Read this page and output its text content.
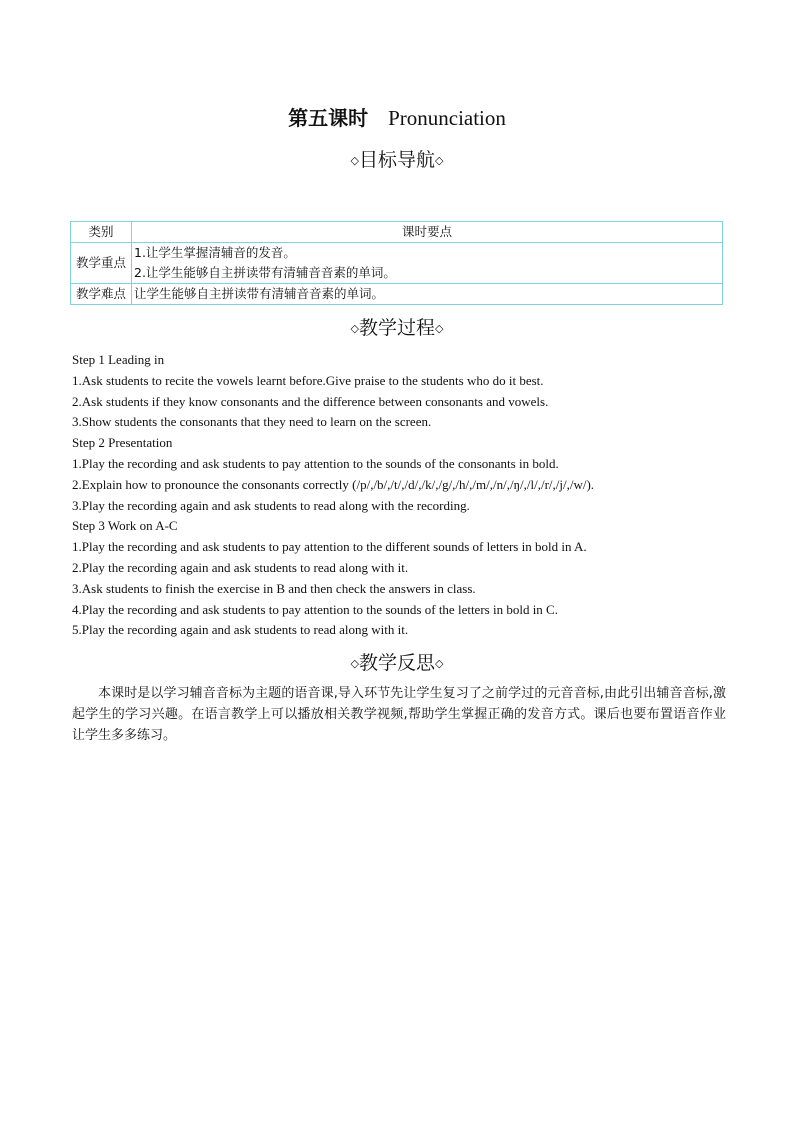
第五课时 Pronunciation
◇目标导航◇
类别	课时要点
教学重点	1.让学生掌握清辅音的发音。
2.让学生能够自主拼读带有清辅音音素的单词。

教学难点	让学生能够自主拼读带有清辅音音素的单词。
◇教学过程◇
Step 1 Leading in
1.Ask students to recite the vowels learnt before.Give praise to the students who do it best.
2.Ask students if they know consonants and the difference between consonants and vowels.
3.Show students the consonants that they need to learn on the screen.
Step 2 Presentation
1.Play the recording and ask students to pay attention to the sounds of the consonants in bold.
2.Explain how to pronounce the consonants correctly (/p/,/b/,/t/,/d/,/k/,/g/,/h/,/m/,/n/,/ŋ/,/l/,/r/,/j/,/w/).
3.Play the recording again and ask students to read along with the recording.
Step 3 Work on A-C
1.Play the recording and ask students to pay attention to the different sounds of letters in bold in A.
2.Play the recording again and ask students to read along with it.
3.Ask students to finish the exercise in B and then check the answers in class.
4.Play the recording and ask students to pay attention to the sounds of the letters in bold in C.
5.Play the recording again and ask students to read along with it.
◇教学反思◇
本课时是以学习辅音音标为主题的语音课,导入环节先让学生复习了之前学过的元音音标,由此引出辅音音标,激起学生的学习兴趣。在语言教学上可以播放相关教学视频,帮助学生掌握正确的发音方式。课后也要布置语音作业让学生多多练习。
